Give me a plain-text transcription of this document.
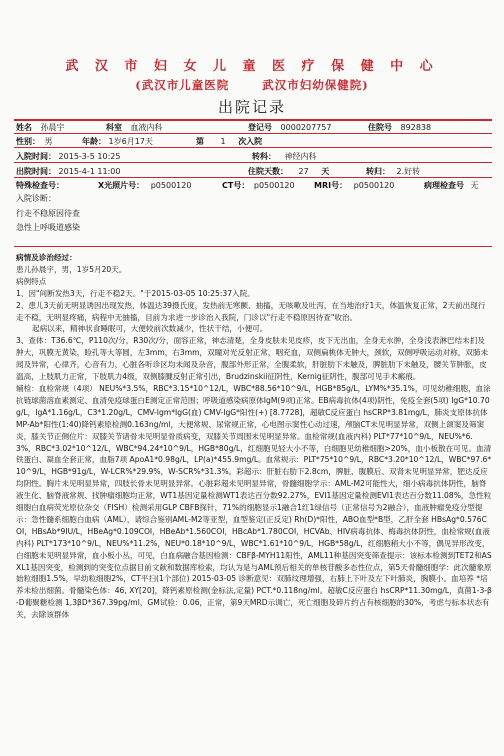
武 汉 市 妇 女 儿 童 医 疗 保 健 中 心
(武汉市儿童医院	武汉市妇幼保健院)
出院记录
姓名 孙晨宇	科室 血液内科	登记号 0000207757	住院号 892838
性别： 男	年龄： 1岁6月17天	第 1 次入院
入院时间： 2015-3-5 10:25	转科： 神经内科
出院时间： 2015-4-1 11:00	住院天数： 27 天	转归： 2.好转
特殊检查号：	X光照片号： p0500120	CT号： p0500120 MRI号： p0500120	病理检查号 无
入院诊断：
行走不稳原因待查
急性上呼吸道感染

病情及诊治经过：

患儿孙晨宇，男，1岁5月20天。

病例特点

1、因"间断发热3天，行走不稳2天。"于2015-03-05 10:25:37入院。

2、患儿3天前无明显诱因出现发热，体温达39摄氏度，发热前无寒颤、抽搐，无咳嗽及吐泻，在当地治疗1天，体温恢复正常，2天前出现行走不稳，无明显疼痛，病程中无抽搐，目前为求进一步诊治入我院，门诊以"行走不稳原因待查"收治。

起病以来，精神状食睡眠可，大便较前次数减少，性状干结，小便可。

3、查体：T36.6℃，P110次/分，R30次/分，面容正常，神志清楚，全身皮肤未见皮疹，皮下无出血，全身无水肿，全身浅表淋巴结未扪及肿大，巩膜无黄染，睑孔等大等圆，左3mm，右3mm，双瞳对光反射正常，咽充血，双侧扁桃体无肿大，颈软，双侧呼吸运动对称，双肺未闻及异常，心律齐，心音有力，心脏各听诊区均未闻及杂音，腹部外形正常，全腹柔软，肝脏肋下未触及，脾脏肋下未触及，腰关节肿胀，皮温高，上肢肌力正常，下肢肌力4级，双侧膝腱反射正常引出，Brudzinskii征阴性，Kernig征阴性，腹部可见手术瘢痕。

辅检：血检常规（4项） NEU%*3.5%，RBC*3.15*10^12/L，WBC*88.56*10^9/L，HGB*85g/L，LYM%*35.1%，可见幼稚细胞，血涂抗链球菌溶血素测定、血清免疫球蛋白E测定正常范围；呼吸道感染病原体IgM(9项)正常。EB病毒抗体(4项)阴性，免疫全套(5项) IgG*10.70g/L，IgA*1.16g/L，C3*1.20g/L，CMV-Igm*IgG(血) CMV-IgG*阳性(+) [8.7728]，超敏C反应蛋白 hsCRP*3.81mg/L，肺炎支原体抗体 MP-Ab*阳性(1:40)降钙素原检测0.163ng/ml，大便常规、尿常规正常，心电图示窦性心动过速，颅脑CT未见明显异常，双侧上颌窦及筛窦炎，膝关节正侧位片：双膝关节诸骨未见明显骨质病变，双膝关节周围未见明显异常。血检常规(血液内科) PLT*77*10^9/L，NEU%*6.3%，RBC*3.02*10^12/L，WBC*94.24*10^9/L，HGB*80g/L，红细胞见轻大小不等，白细胞见幼稚细胞>20%，血小板散在可见。血清铁蛋白、凝血全套正常，血脂7项 ApoA1*0.98g/L，LP(a)*455.9mg/L。血常规示：PLT*75*10^9/L，RBC*3.20*10^12/L，WBC*97.6*10^9/L，HGB*91g/L，W-LCR%*29.9%，W-SCR%*31.3%。彩超示：肝脏右肋下2.8cm，脾脏、腹膜后、双肾未见明显异常，肥达反应均阴性。胸片未见明显异常，四肢长骨未见明显异常。心脏彩超未见明显异常，骨髓细胞学示：AML-M2可能性大，细小病毒抗体阴性，脑脊液生化、脑脊液常规、找肿瘤细胞均正常，WT1基因定量检测WT1表达百分数92.27%，EVI1基因定量检测EVI1表达百分数11.08%，急性粒细胞白血病荧光原位杂交（FISH）检测采用GLP CBFB探针，71%的细胞显示1融合1红1绿信号（正常信号为2融合），血液肿瘤免疫分型提示：急性髓系细胞白血病（AML），请综合鉴别AML-M2等亚型，血型鉴定(正反定) Rh(D)*阳性，ABO血型*B型，乙肝全套 HBsAg*0.576COI，HBsAb*9IU/L，HBeAg*0.109COI，HBeAb*1.560COI，HBcAb*1.780COI，HCVAb、HIV病毒抗体、梅毒抗体阴性，血检常规(血液内科) PLT*173*10^9/L，NEU%*11.2%，NEU*0.18*10^9/L，WBC*1.61*10^9/L，HGB*58g/L，红细胞稍大小不等，偶见异形改变，白细胞未见明显异常，血小板小丛，可见，白血病融合基因检测：CBFβ-MYH11阳性，AML11种基因突变筛查提示：该标本检测到TET2和ASXL1基因突变，检测到的突变位点据目前文献和数据库检索，均认为是与AML预后相关的单核苷酸多态性位点，第5天骨髓细胞学：此次髓象原始粒细胞1.5%，早幼粒细胞2%，CT平扫(1个部位) 2015-03-05 诊断意见：双肺纹理增强，右肺上下叶及左下叶肺炎，胸膜小。血培养 *培养未检出细菌。骨髓染色体：46, XY[20]，降钙素原检测(金标法,定量) PCT.*0.118ng/ml。超敏C反应蛋白 hsCRP*11.30mg/L，真菌1-3-β-D葡聚糖检测 1,3βD*367.39pg/ml，GM试验：0.06，正常，第9天MRD示调亡，死亡细胞及碎片约占有核细胞的30%，考虑与标本状态有关，去除该群体
